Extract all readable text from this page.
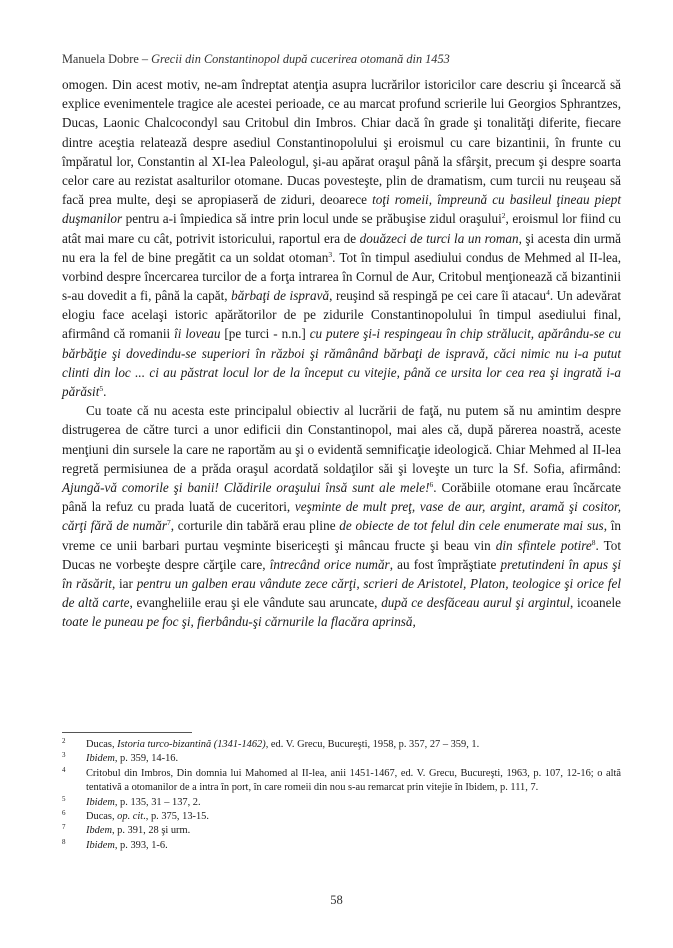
Manuela Dobre – Grecii din Constantinopol după cucerirea otomană din 1453

omogen. Din acest motiv, ne-am îndreptat atenţia asupra lucrărilor istoricilor care descriu şi încearcă să explice evenimentele tragice ale acestei perioade, ce au marcat profund scrierile lui Georgios Sphrantzes, Ducas, Laonic Chalcocondyl sau Critobul din Imbros. Chiar dacă în grade şi tonalităţi diferite, fiecare dintre aceştia relatează despre asediul Constantinopolului şi eroismul cu care bizantinii, în frunte cu împăratul lor, Constantin al XI-lea Paleologul, şi-au apărat oraşul până la sfârşit, precum şi despre soarta celor care au rezistat asalturilor otomane. Ducas povesteşte, plin de dramatism, cum turcii nu reuşeau să facă prea multe, deşi se apropiaseră de ziduri, deoarece toţi romeii, împreună cu basileul ţineau piept duşmanilor pentru a-i împiedica să intre prin locul unde se prăbuşise zidul oraşului$^2$, eroismul lor fiind cu atât mai mare cu cât, potrivit istoricului, raportul era de douăzeci de turci la un roman, şi acesta din urmă nu era la fel de bine pregătit ca un soldat otoman$^3$. Tot în timpul asediului condus de Mehmed al II-lea, vorbind despre încercarea turcilor de a forţa intrarea în Cornul de Aur, Critobul menţionează că bizantinii s-au dovedit a fi, până la capăt, bărbaţi de ispravă, reuşind să respingă pe cei care îi atacau$^4$. Un adevărat elogiu face acelaşi istoric apărătorilor de pe zidurile Constantinopolului în timpul asediului final, afirmând că romanii îi loveau [pe turci - n.n.] cu putere şi-i respingeau în chip strălucit, apărându-se cu bărbăţie şi dovedindu-se superiori în război şi rămânând bărbaţi de ispravă, căci nimic nu i-a putut clinti din loc ... ci au păstrat locul lor de la început cu vitejie, până ce ursita lor cea rea şi ingrată i-a părăsit$^5$.

Cu toate că nu acesta este principalul obiectiv al lucrării de faţă, nu putem să nu amintim despre distrugerea de către turci a unor edificii din Constantinopol, mai ales că, după părerea noastră, aceste menţiuni din sursele la care ne raportăm au şi o evidentă semnificaţie ideologică. Chiar Mehmed al II-lea regretă permisiunea de a prăda oraşul acordată soldaţilor săi şi loveşte un turc la Sf. Sofia, afirmând: Ajungă-vă comorile şi banii! Clădirile oraşului însă sunt ale mele!$^6$. Corăbiile otomane erau încărcate până la refuz cu prada luată de cuceritori, veşminte de mult preţ, vase de aur, argint, aramă şi cositor, cărţi fără de număr$^7$, corturile din tabără erau pline de obiecte de tot felul din cele enumerate mai sus, în vreme ce unii barbari purtau veşminte bisericeşti şi mâncau fructe şi beau vin din sfintele potire$^8$. Tot Ducas ne vorbeşte despre cărţile care, întrecând orice număr, au fost împrăştiate pretutindeni în apus şi în răsărit, iar pentru un galben erau vândute zece cărţi, scrieri de Aristotel, Platon, teologice şi orice fel de altă carte, evangheliile erau şi ele vândute sau aruncate, după ce desfăceau aurul şi argintul, icoanele toate le puneau pe foc şi, fierbându-şi cărnurile la flacăra aprinsă,

2 Ducas, Istoria turco-bizantină (1341-1462), ed. V. Grecu, Bucureşti, 1958, p. 357, 27 – 359, 1.
3 Ibidem, p. 359, 14-16.
4 Critobul din Imbros, Din domnia lui Mahomed al II-lea, anii 1451-1467, ed. V. Grecu, Bucureşti, 1963, p. 107, 12-16; o altă tentativă a otomanilor de a intra în port, în care romeii din nou s-au remarcat prin vitejie în Ibidem, p. 111, 7.
5 Ibidem, p. 135, 31 – 137, 2.
6 Ducas, op. cit., p. 375, 13-15.
7 Ibdem, p. 391, 28 şi urm.
8 Ibidem, p. 393, 1-6.
58
